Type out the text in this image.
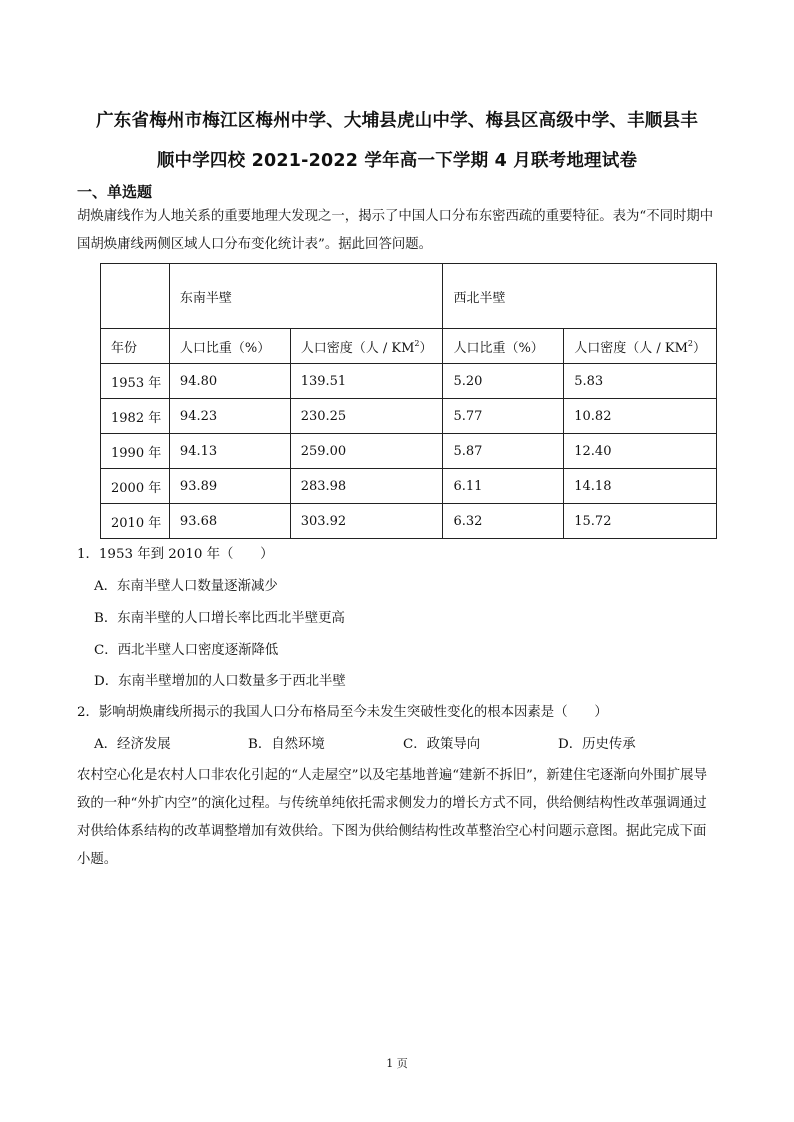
广东省梅州市梅江区梅州中学、大埔县虎山中学、梅县区高级中学、丰顺县丰
顺中学四校 2021-2022 学年高一下学期 4 月联考地理试卷
一、单选题

胡焕庸线作为人地关系的重要地理大发现之一，揭示了中国人口分布东密西疏的重要特征。表为“不同时期中国胡焕庸线两侧区域人口分布变化统计表”。据此回答问题。

	东南半壁		西北半壁	
年份	人口比重（%）	人口密度（人 / $KM^2$）	人口比重（%）	人口密度（人 / $KM^2$）
1953 年	94.80	139.51	5.20	5.83
1982 年	94.23	230.25	5.77	10.82
1990 年	94.13	259.00	5.87	12.40
2000 年	93.89	283.98	6.11	14.18
2010 年	93.68	303.92	6.32	15.72
1．1953 年到 2010 年（　　）
A．东南半壁人口数量逐渐减少
B．东南半壁的人口增长率比西北半壁更高
C．西北半壁人口密度逐渐降低
D．东南半壁增加的人口数量多于西北半壁
2．影响胡焕庸线所揭示的我国人口分布格局至今未发生突破性变化的根本因素是（　　）
A．经济发展	B．自然环境	C．政策导向	D．历史传承

农村空心化是农村人口非农化引起的“人走屋空”以及宅基地普遍“建新不拆旧”，新建住宅逐渐向外围扩展导致的一种“外扩内空”的演化过程。与传统单纯依托需求侧发力的增长方式不同，供给侧结构性改革强调通过对供给体系结构的改革调整增加有效供给。下图为供给侧结构性改革整治空心村问题示意图。据此完成下面小题。

1 页
